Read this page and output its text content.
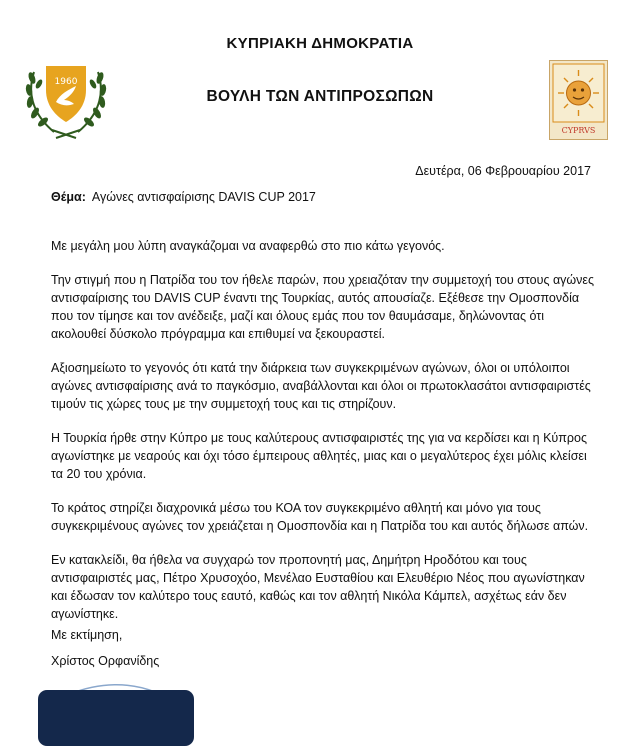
1960
CYPRVS
ΚΥΠΡΙΑΚΗ ΔΗΜΟΚΡΑΤΙΑ
ΒΟΥΛΗ ΤΩΝ ΑΝΤΙΠΡΟΣΩΠΩΝ
Δευτέρα, 06 Φεβρουαρίου 2017
Θέμα: Αγώνες αντισφαίρισης DAVIS CUP 2017

Με μεγάλη μου λύπη αναγκάζομαι να αναφερθώ στο πιο κάτω γεγονός.

Την στιγμή που η Πατρίδα του τον ήθελε παρών, που χρειαζόταν την συμμετοχή του στους αγώνες αντισφαίρισης του DAVIS CUP έναντι της Τουρκίας, αυτός απουσίαζε. Εξέθεσε την Ομοσπονδία που τον τίμησε και τον ανέδειξε, μαζί και όλους εμάς που τον θαυμάσαμε, δηλώνοντας ότι ακολουθεί δύσκολο πρόγραμμα και επιθυμεί να ξεκουραστεί.

Αξιοσημείωτο το γεγονός ότι κατά την διάρκεια των συγκεκριμένων αγώνων, όλοι οι υπόλοιποι αγώνες αντισφαίρισης ανά το παγκόσμιο, αναβάλλονται και όλοι οι πρωτοκλασάτοι αντισφαιριστές τιμούν τις χώρες τους με την συμμετοχή τους και τις στηρίζουν.

Η Τουρκία ήρθε στην Κύπρο με τους καλύτερους αντισφαιριστές της για να κερδίσει και η Κύπρος αγωνίστηκε με νεαρούς και όχι τόσο έμπειρους αθλητές, μιας και ο μεγαλύτερος έχει μόλις κλείσει τα 20 του χρόνια.

Το κράτος στηρίζει διαχρονικά μέσω του ΚΟΑ τον συγκεκριμένο αθλητή και μόνο για τους συγκεκριμένους αγώνες τον χρειάζεται η Ομοσπονδία και η Πατρίδα του και αυτός δήλωσε απών.

Εν κατακλείδι, θα ήθελα να συγχαρώ τον προπονητή μας, Δημήτρη Ηροδότου και τους αντισφαιριστές μας, Πέτρο Χρυσοχόο, Μενέλαο Ευσταθίου και Ελευθέριο Νέος που αγωνίστηκαν και έδωσαν τον καλύτερο τους εαυτό, καθώς και τον αθλητή Νικόλα Κάμπελ, ασχέτως εάν δεν αγωνίστηκε.

Με εκτίμηση,
Χρίστος Ορφανίδης
